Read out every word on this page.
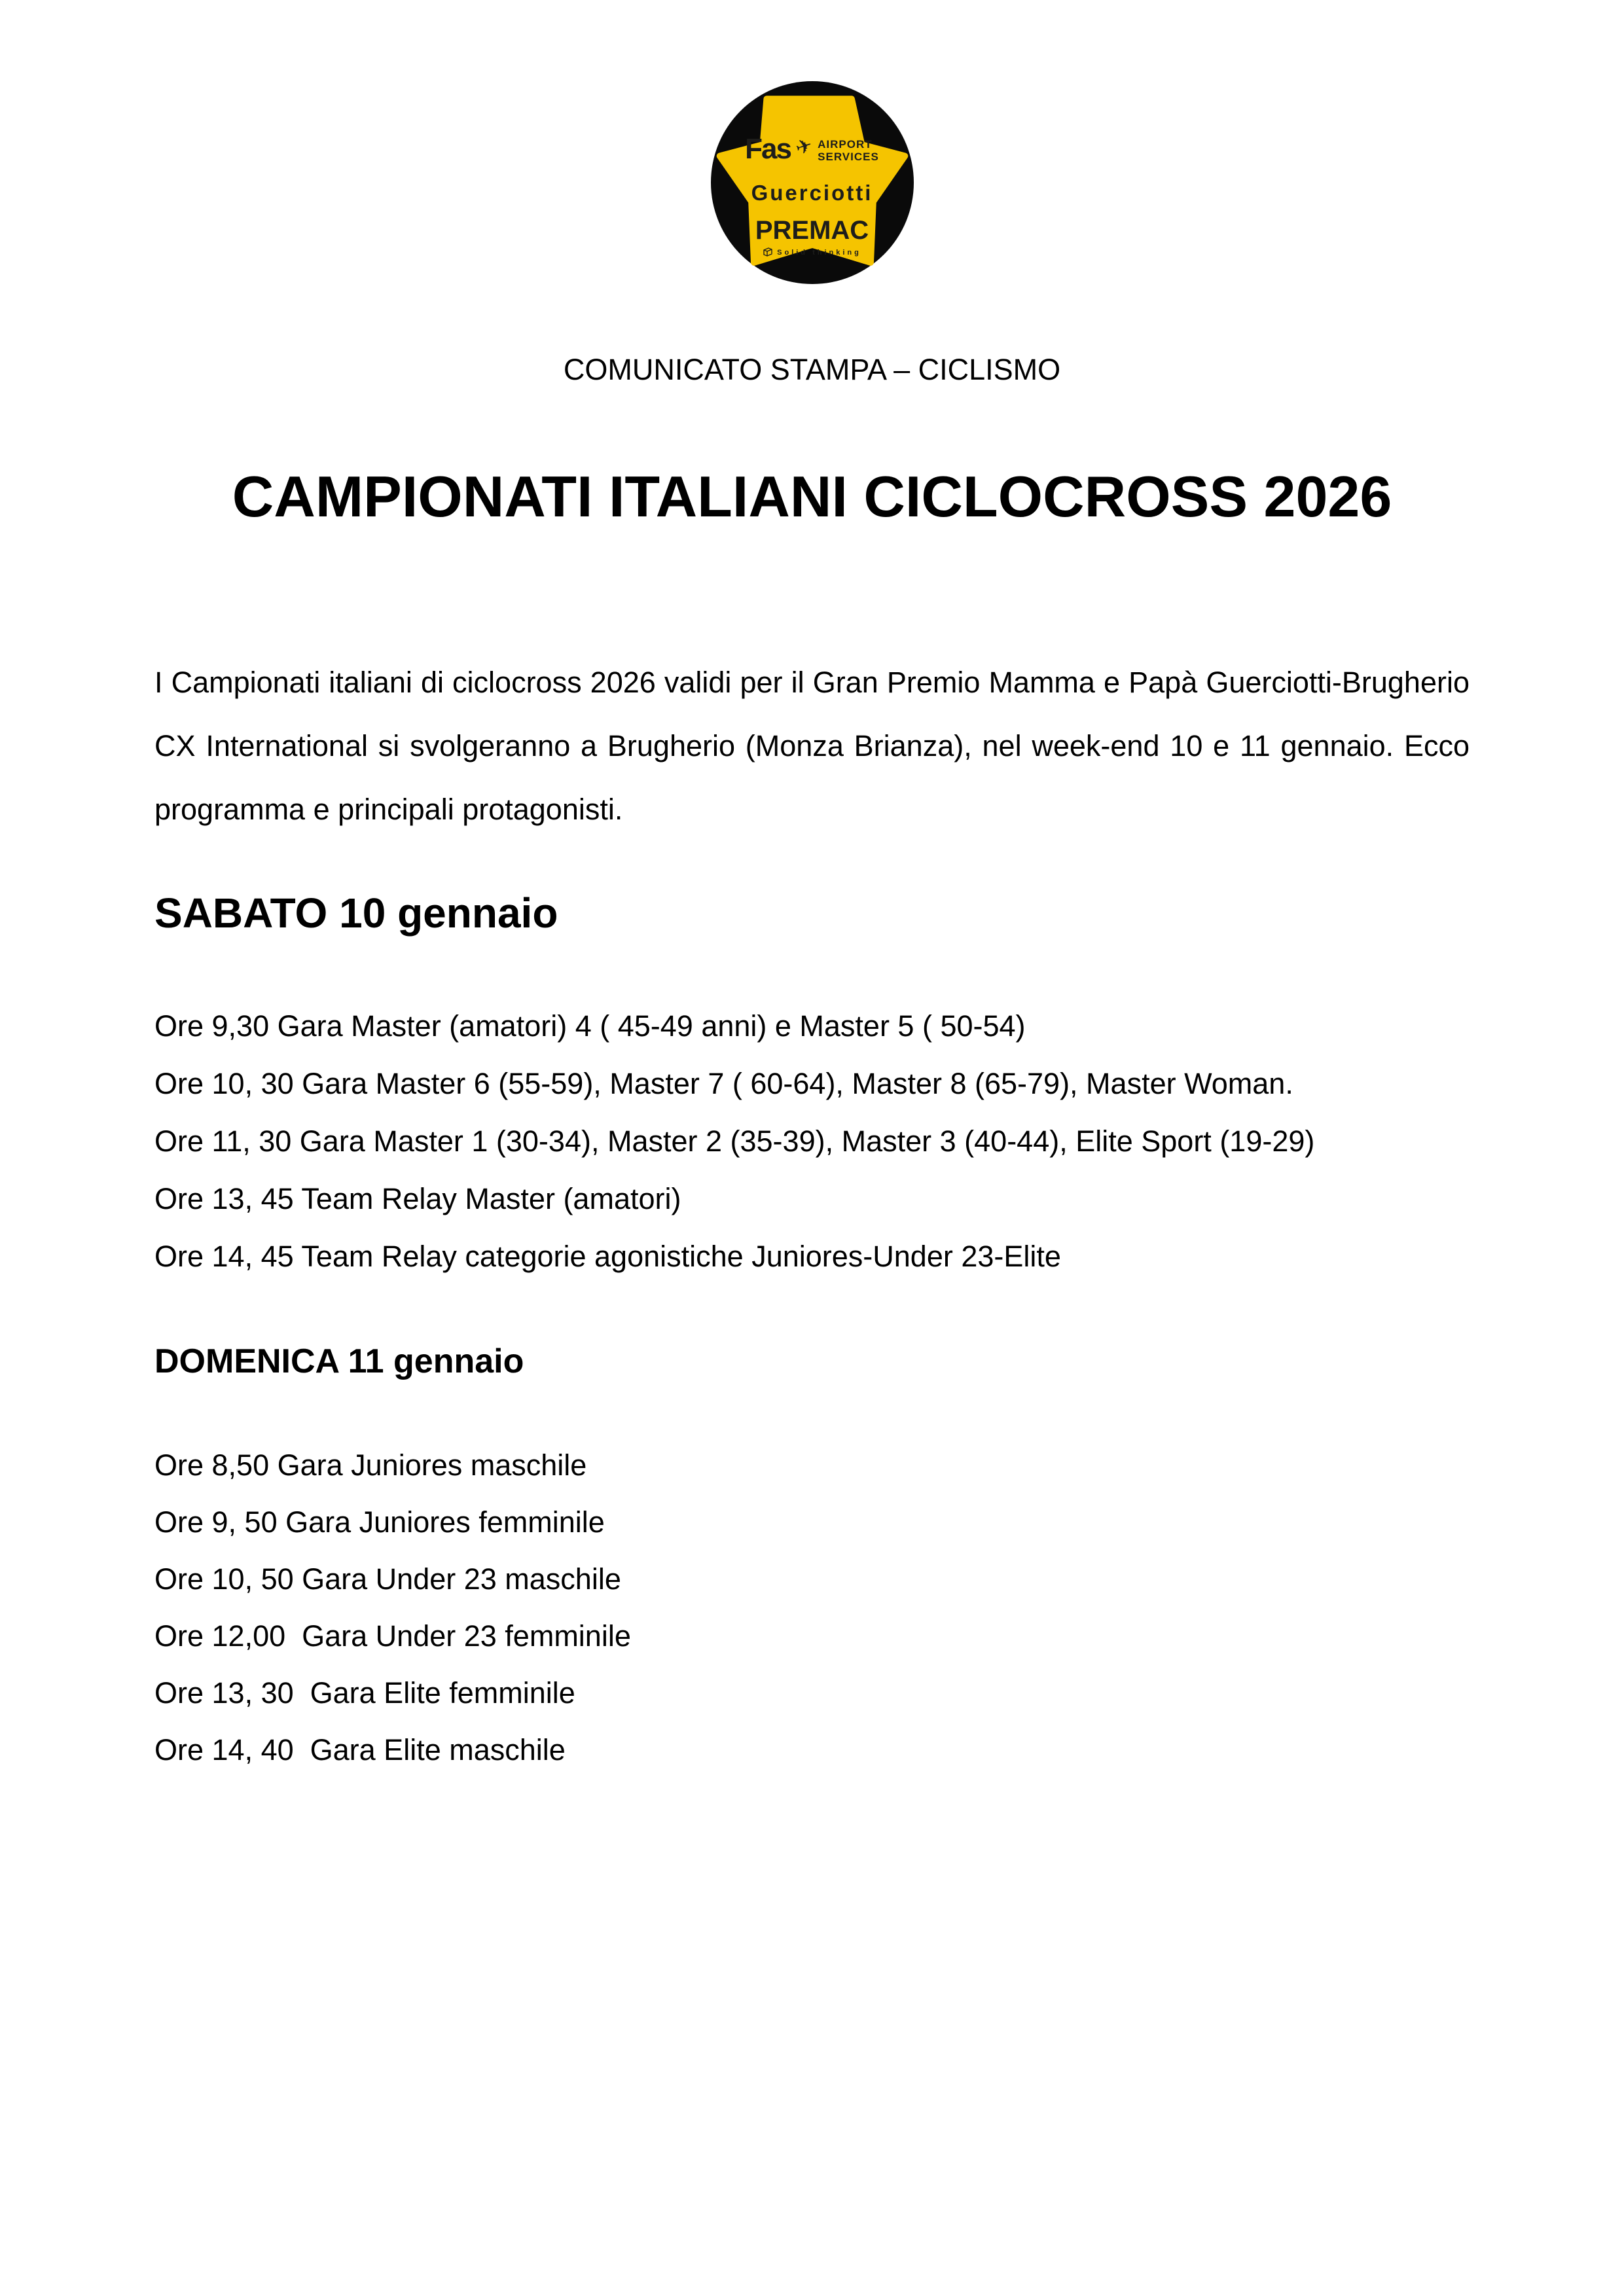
Fas ✈ AIRPORT
SERVICES
Guerciotti
PREMAC
Solid thinking

COMUNICATO STAMPA – CICLISMO

CAMPIONATI ITALIANI CICLOCROSS 2026

I Campionati italiani di ciclocross 2026 validi per il Gran Premio Mamma e Papà Guerciotti-Brugherio CX International si svolgeranno a Brugherio (Monza Brianza), nel week-end 10 e 11 gennaio. Ecco programma e principali protagonisti.

SABATO 10 gennaio

Ore 9,30 Gara Master (amatori) 4 ( 45-49 anni) e Master 5 ( 50-54)

Ore 10, 30 Gara Master 6 (55-59), Master 7 ( 60-64), Master 8 (65-79), Master Woman.

Ore 11, 30 Gara Master 1 (30-34), Master 2 (35-39), Master 3 (40-44), Elite Sport (19-29)

Ore 13, 45 Team Relay Master (amatori)

Ore 14, 45 Team Relay categorie agonistiche Juniores-Under 23-Elite

DOMENICA 11 gennaio

Ore 8,50 Gara Juniores maschile

Ore 9, 50 Gara Juniores femminile

Ore 10, 50 Gara Under 23 maschile

Ore 12,00  Gara Under 23 femminile

Ore 13, 30  Gara Elite femminile

Ore 14, 40  Gara Elite maschile
